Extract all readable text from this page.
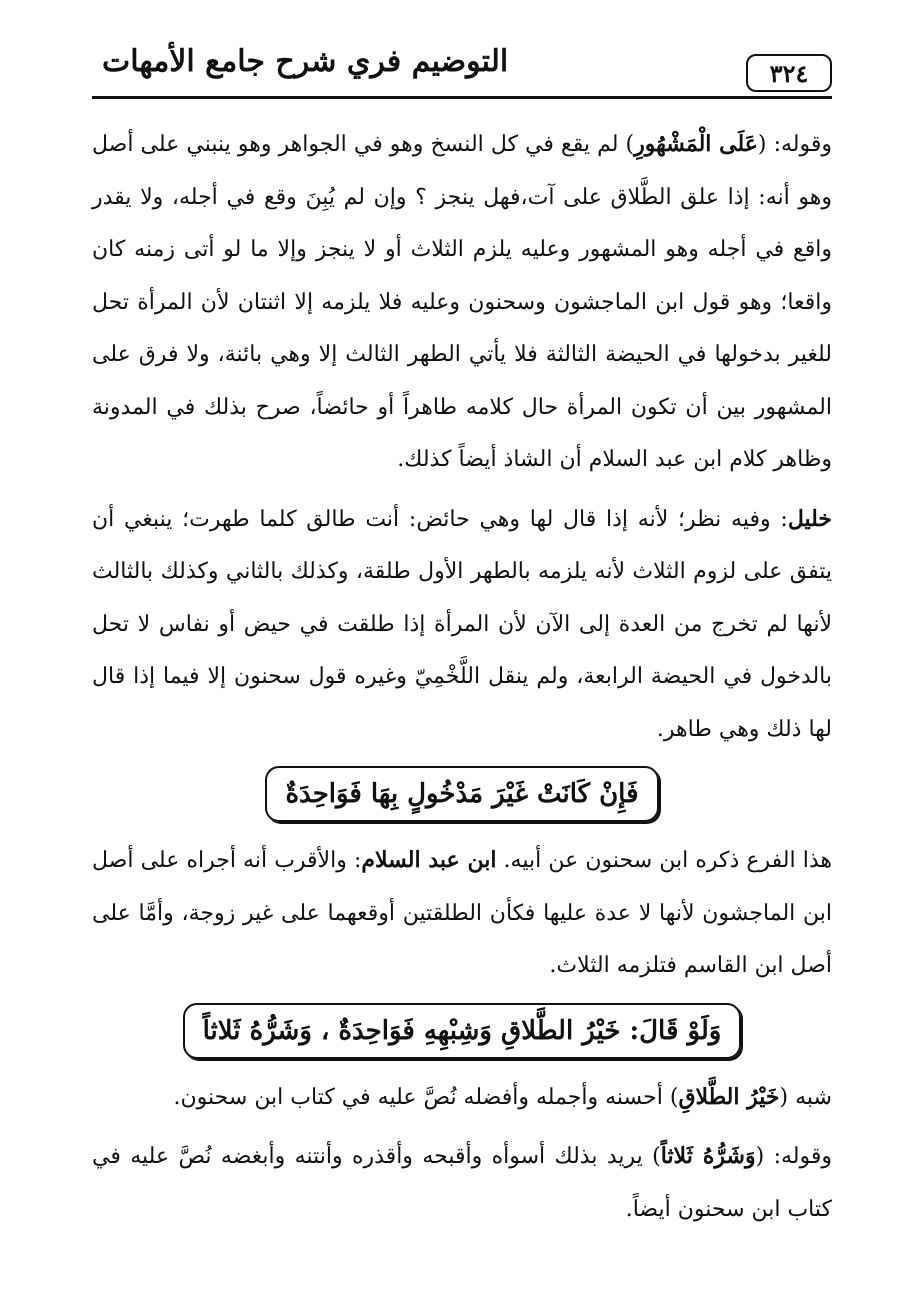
التوضيم فري شرح جامع الأمهات	٣٢٤

وقوله: (عَلَى الْمَشْهُورِ) لم يقع في كل النسخ وهو في الجواهر وهو ينبني على أصل وهو أنه: إذا علق الطَّلاق على آت،فهل ينجز ؟ وإن لم يُبِنَ وقع في أجله، ولا يقدر واقع في أجله وهو المشهور وعليه يلزم الثلاث أو لا ينجز وإلا ما لو أتى زمنه كان واقعا؛ وهو قول ابن الماجشون وسحنون وعليه فلا يلزمه إلا اثنتان لأن المرأة تحل للغير بدخولها في الحيضة الثالثة فلا يأتي الطهر الثالث إلا وهي بائنة، ولا فرق على المشهور بين أن تكون المرأة حال كلامه طاهراً أو حائضاً، صرح بذلك في المدونة وظاهر كلام ابن عبد السلام أن الشاذ أيضاً كذلك.

خليل: وفيه نظر؛ لأنه إذا قال لها وهي حائض: أنت طالق كلما طهرت؛ ينبغي أن يتفق على لزوم الثلاث لأنه يلزمه بالطهر الأول طلقة، وكذلك بالثاني وكذلك بالثالث لأنها لم تخرج من العدة إلى الآن لأن المرأة إذا طلقت في حيض أو نفاس لا تحل بالدخول في الحيضة الرابعة، ولم ينقل اللَّخْمِيّ وغيره قول سحنون إلا فيما إذا قال لها ذلك وهي طاهر.

فَإِنْ كَانَتْ غَيْرَ مَدْخُولٍ بِهَا فَوَاحِدَةٌ

هذا الفرع ذكره ابن سحنون عن أبيه. ابن عبد السلام: والأقرب أنه أجراه على أصل ابن الماجشون لأنها لا عدة عليها فكأن الطلقتين أوقعهما على غير زوجة، وأمَّا على أصل ابن القاسم فتلزمه الثلاث.

وَلَوْ قَالَ: خَيْرُ الطَّلاقِ وَشِبْهِهِ فَوَاحِدَةٌ ، وَشَرُّهُ ثَلاثاً

شبه (خَيْرُ الطَّلاقِ) أحسنه وأجمله وأفضله نُصَّ عليه في كتاب ابن سحنون.

وقوله: (وَشَرُّهُ ثَلاثاً) يريد بذلك أسوأه وأقبحه وأقذره وأنتنه وأبغضه نُصَّ عليه في كتاب ابن سحنون أيضاً.
